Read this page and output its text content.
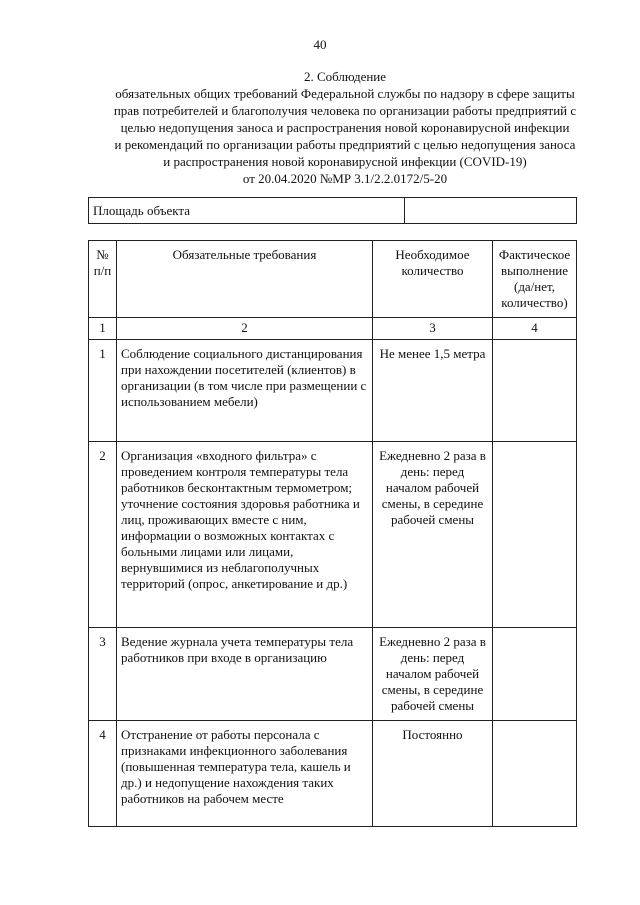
40
2. Соблюдение
обязательных общих требований Федеральной службы по надзору в сфере защиты
прав потребителей и благополучия человека по организации работы предприятий с
целью недопущения заноса и распространения новой коронавирусной инфекции
и рекомендаций по организации работы предприятий с целью недопущения заноса
и распространения новой коронавирусной инфекции (COVID-19)
от 20.04.2020 №МР 3.1/2.2.0172/5-20
Площадь объекта	
№ п/п	Обязательные требования	Необходимое количество	Фактическое выполнение (да/нет, количество)
1	2	3	4
1	Соблюдение социального дистанцирования при нахождении посетителей (клиентов) в организации (в том числе при размещении с использованием мебели)	Не менее 1,5 метра	
2	Организация «входного фильтра» с проведением контроля температуры тела работников бесконтактным термометром; уточнение состояния здоровья работника и лиц, проживающих вместе с ним, информации о возможных контактах с больными лицами или лицами, вернувшимися из неблагополучных территорий (опрос, анкетирование и др.)	Ежедневно 2 раза в день: перед началом рабочей смены, в середине рабочей смены	
3	Ведение журнала учета температуры тела работников при входе в организацию	Ежедневно 2 раза в день: перед началом рабочей смены, в середине рабочей смены	
4	Отстранение от работы персонала с признаками инфекционного заболевания (повышенная температура тела, кашель и др.) и недопущение нахождения таких работников на рабочем месте	Постоянно	
